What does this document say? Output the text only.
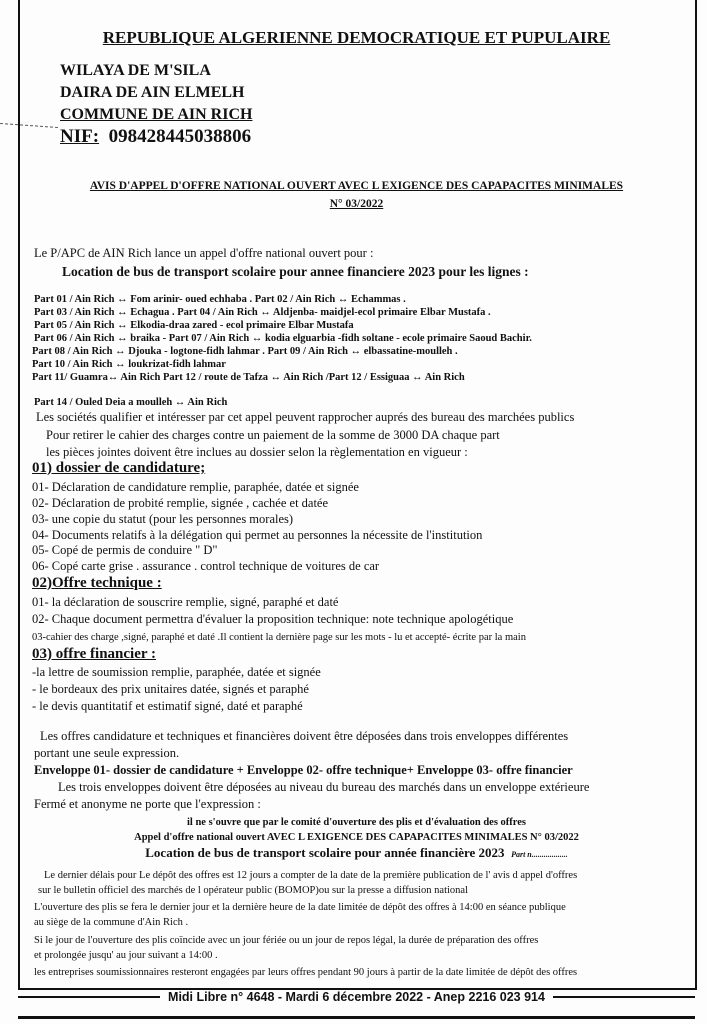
REPUBLIQUE ALGERIENNE DEMOCRATIQUE ET PUPULAIRE
WILAYA DE M'SILA
DAIRA DE AIN ELMELH
COMMUNE DE AIN RICH
NIF: 098428445038806
AVIS D'APPEL D'OFFRE NATIONAL OUVERT AVEC L EXIGENCE DES CAPAPACITES MINIMALES
N° 03/2022
Le P/APC de AIN Rich lance un appel d'offre national ouvert pour :
Location de bus de transport scolaire pour annee financiere 2023 pour les lignes :
Part 01 / Ain Rich ↔ Fom arinir- oued echhaba . Part 02 / Ain Rich ↔ Echammas .
Part 03 / Ain Rich ↔ Echagua . Part 04 / Ain Rich ↔ Aldjenba- maidjel-ecol primaire Elbar Mustafa .
Part 05 / Ain Rich ↔ Elkodia-draa zared - ecol primaire Elbar Mustafa
Part 06 / Ain Rich ↔ braika - Part 07 / Ain Rich ↔ kodia elguarbia -fidh soltane - ecole primaire Saoud Bachir.
Part 08 / Ain Rich ↔ Djouka - logtone-fidh lahmar . Part 09 / Ain Rich ↔ elbassatine-moulleh .
Part 10 / Ain Rich ↔ loukrizat-fidh lahmar
Part 11/ Guamra↔ Ain Rich Part 12 / route de Tafza ↔ Ain Rich /Part 12 / Essiguaa ↔ Ain Rich
Part 14 / Ouled Deia a moulleh ↔ Ain Rich
Les sociétés qualifier et intéresser par cet appel peuvent rapprocher auprés des bureau des marchées publics
Pour retirer le cahier des charges contre un paiement de la somme de 3000 DA chaque part
les pièces jointes doivent être inclues au dossier selon la règlementation en vigueur :
01) dossier de candidature;
01- Déclaration de candidature remplie, paraphée, datée et signée
02- Déclaration de probité remplie, signée , cachée et datée
03- une copie du statut (pour les personnes morales)
04- Documents relatifs à la délégation qui permet au personnes la nécessite de l'institution
05- Copé de permis de conduire " D"
06- Copé carte grise . assurance . control technique de voitures de car
02)Offre technique :
01- la déclaration de souscrire remplie, signé, paraphé et daté
02- Chaque document permettra d'évaluer la proposition technique: note technique apologétique
03-cahier des charge ,signé, paraphé et daté .Il contient la dernière page sur les mots - lu et accepté- écrite par la main
03) offre financier :
-la lettre de soumission remplie, paraphée, datée et signée
- le bordeaux des prix unitaires datée, signés et paraphé
- le devis quantitatif et estimatif signé, daté et paraphé
Les offres candidature et techniques et financières doivent être déposées dans trois enveloppes différentes
portant une seule expression.
Enveloppe 01- dossier de candidature + Enveloppe 02- offre technique+ Enveloppe 03- offre financier
Les trois enveloppes doivent être déposées au niveau du bureau des marchés dans un enveloppe extérieure
Fermé et anonyme ne porte que l'expression :
il ne s'ouvre que par le comité d'ouverture des plis et d'évaluation des offres
Appel d'offre national ouvert AVEC L EXIGENCE DES CAPAPACITES MINIMALES N° 03/2022
Location de bus de transport scolaire pour année financière 2023 Part n..................
Le dernier délais pour Le dépôt des offres est 12 jours a compter de la date de la première publication de l' avis d appel d'offres
sur le bulletin officiel des marchés de l opérateur public (BOMOP)ou sur la presse a diffusion national
L'ouverture des plis se fera le dernier jour et la dernière heure de la date limitée de dépôt des offres à 14:00 en séance publique
au siège de la commune d'Ain Rich .
Si le jour de l'ouverture des plis coïncide avec un jour fériée ou un jour de repos légal, la durée de préparation des offres
et prolongée jusqu' au jour suivant a 14:00 .
les entreprises soumissionnaires resteront engagées par leurs offres pendant 90 jours à partir de la date limitée de dépôt des offres
Midi Libre n° 4648 - Mardi 6 décembre 2022 - Anep 2216 023 914
